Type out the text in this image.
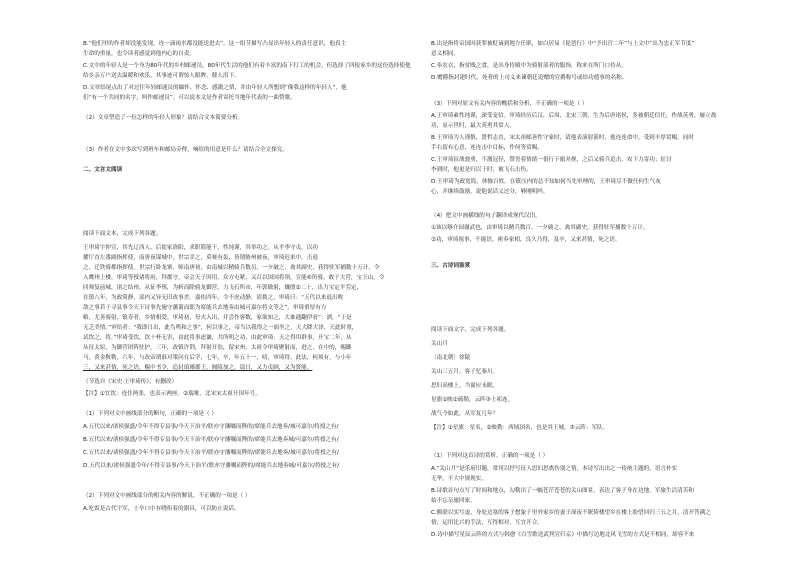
B.“他们里的作者却没能发现，连一滴雨水都没能送进去”，这一组节描写凸显出年轻人的责任意识，他真主
生命的重量，也令读者感觉到他内心的自责。
C.文中的年轻人是一个身为80年代的乡村邮递员，80年代生活的他们有着丰富的南下打工的机会，但选择了回报家乡的这份选择使他
给乡亲万户送去温暖和欢乐，其事迹可谓惊人眼眸，催人泪下。
D.文章结尾点出了对过往年轻邮递员的缅怀、怀念、感激之情，并由年轻人所想到“像我这样的年轻人”，他
们“有一个共同的名字，叫作邮递员”。可以说本文是作者寄托当地年代表的一曲赞歌。
（2）文章塑造了一位怎样的年轻人形象？请结合文本简要分析。
（3）作者在文中多次写到班车和邮局旁俾，响给的用意是什么？请结合全文探究。
二、文言文阅读
阅读下面文本，完成下列各题。
王审琦字仲宣，其先辽西人，后徙家洛阳，求职简能干，性纯谨，其举功之。从平李守贞，以功
擢厅直左番副指挥使，南唐夜谋城中，世宗幸之，莫赛有轰，皆谓胁州被夜，审琦迟来中，击退
之，迁铁骑都指挥使。世宗行卧龙寨，师南唐初，由南城以精骑兵数员，一夕破之，禽其副史，获得驻军捕数十万计，令
入鹰州上楼，审琦等授诸将府，拜郡守。帝会天子因用，众方屯紧，又召以国国将领，宣能⑥所骑，敢于大营，宝玉山，令
回师复前城，诸之结州，从征李殇，为斩而除骑龙御营，力飞石所市，年郭做射，嫌殷②二十，出力宝定平劳定，
在镇八年，为政简静，部内又异无旧改事差。嘉佑四年，令不虎动静，请拨之，审琦曰：“五代以来退出败
敌之事若于寻县事令天下诗事先施守藩篱而郎为席能兵去地奏由城可嘉尔将文等之”，审琦重厚有方
略，尤善骑射，镇寿者，乡情相爱。审琦初，每夫入出，并尝作客数，家欲知之，大谁通翻伊看”：酒，“于是
无乏美情。”审给者：“我即日出，此鸟鸣和之事”，何以事之，帝当以我得之一面坐之，天大降大泽，天此时重，
试饮之，将，”审琦受饮，饮十杯无害，由此将事虑谦，共所明之功，由此审琦：天之得用群事，开宝二年，从
从征太原，为御营团阵驻护，三年，改镇许荆，拜射开翁，留宋州，太祖令审琦聚射而，进之，在中的，赐御
马，黄金鞍勒，六年，与改帝谓谁对策问在后学，七年，卒，年五十一，叨，审琦得。此法，何须有，与小年
三，又来甚情，死之语，赐中书令，追封琅琊郡王，阁陵加之，谥曰，又力贞顾，又为贤能。
（节选自《宋史·王审琦传》，有删改）
【注】①宜饮：连住两张，也表示两座。②瑞雉，北宋宋太祖开国年号。
（1）下列对文中画线部分的断句，正确的一项是（ ）
A.五代以来/诸侯强盛/令年不得专县事/今天下治平/朕亦守藩嘱而陛的/席能兵去地奏/城可嘉尔/将授之有/
B.五代以来/诸侯强盛/令年不得专县事/今天下治平/朕亦守藩嘱而陛的/席能兵去地奏城/可嘉尔/将授之有/
C.五代以来/诸侯强盛/令年不得专县事/今天下治平/朕亦守藩嘱而陛的/席能兵去地奏/城可嘉尔/将授之有/
D.五代以来/诸侯强盛令年/不得专县事/今天下治平/朕亦守藩嘱而陛的/席能兵去地奏城/可嘉尔/将授之有/
（2）下列对文中画线部分的相关内容的解说，不正确的一项是（ ）
A.吃饭是古代宇军，士卒口中有晓衔着的器具，可以防止说话。
B.出是指将帝国因获罪被贬谪到地方任职，如白居易《琵琶行》中“予出官二年”与上文中“出为忠正军节度”
意义相同。
C.奉农衣，指贫贱之食，是出身侍殿中为骑射部者的服饰，称来在所门口侍从。
D.赠爵指封建时代，死者的上司义来谏朝廷追赠的官爵称号或给功德事的名称。
（3）下列对原文有关内容的概括和分析，不正确的一项是（ ）
A.王审琦素性纯谨，深受宠信。审琦经历后汉、后周、北宋三朝，生为后唐诸侯，多被朝廷信任，作战英勇，屡立战
功，显示世时，最大英勇其常人。
B.王审琦为人谨慎，贤哲志直，宋太祖邮善性守家时，请他表演射箭时，他连连命中，受到丰厚赏赐，同时
手右留有心意，连连击中目标，作何等赏赐。
C.王审琦征战骁勇，不激冠径，赞誉着情绪一很行下旅并规，之后又骑兵追击，攻下力寄功；征讨
李到时，他更是归以于时，被飞石击伤。
D.王审琦为政宽简，体恤百姓。在镇压内的总不知如何当先审理的，王审琦尽不做任何生气灰
心，并继续鼓励，说他说话义过分，够刚明吗。
（4）把文中画横线的句子翻译成现代汉语。
①该以够介园谢武也，由审琦以精兵数百，一夕破之，禽其副史，获得驻军捕数十万计。
②功，审琦视事，不能语，密奏家相，良久乃得，及卒，又来甚情，死之语。
三、古诗词鉴赏
阅读下面文字，完成下列各题。
关山月
〔南北朝〕徐陵
关山三五月，客子忆秦川。
思妇高楼上，当窗应未眠。
星旗①映②疏勒，云阵③上祁连。
战气今如此，从军复几年？
【注】①星旗：星名，②映勒：西域国名，也是其王城，③云阵：军队。
（1）下列对这首诗的赏析，正确的一项是（ ）
A.“关山月”是乐府旧题，常用以抒写征人思妇思离伤别之情，本诗写出出之一传统主题的，语言朴实
无华，不大中规现实。
B.诗歌首句点写了时间和地点，勾勒出了一幅苍茫苍苍的关山图景，表达了客子身在边地，军旅生活清苦和
始不忘亲旅回家。
C.额联以实写虚，身处边塞的客子想象千里外家乡的妻子深夜不眠倚楼望乡在楼上盼望回归三五之月，清开答满之
情，运用比兴的手法，互得相对，互宜开合。
D.诗中描写星辰云阵的方式与韩愈《白雪歌送武判官归京》中描写边地北风飞雪的方式是不相同，却容不来
